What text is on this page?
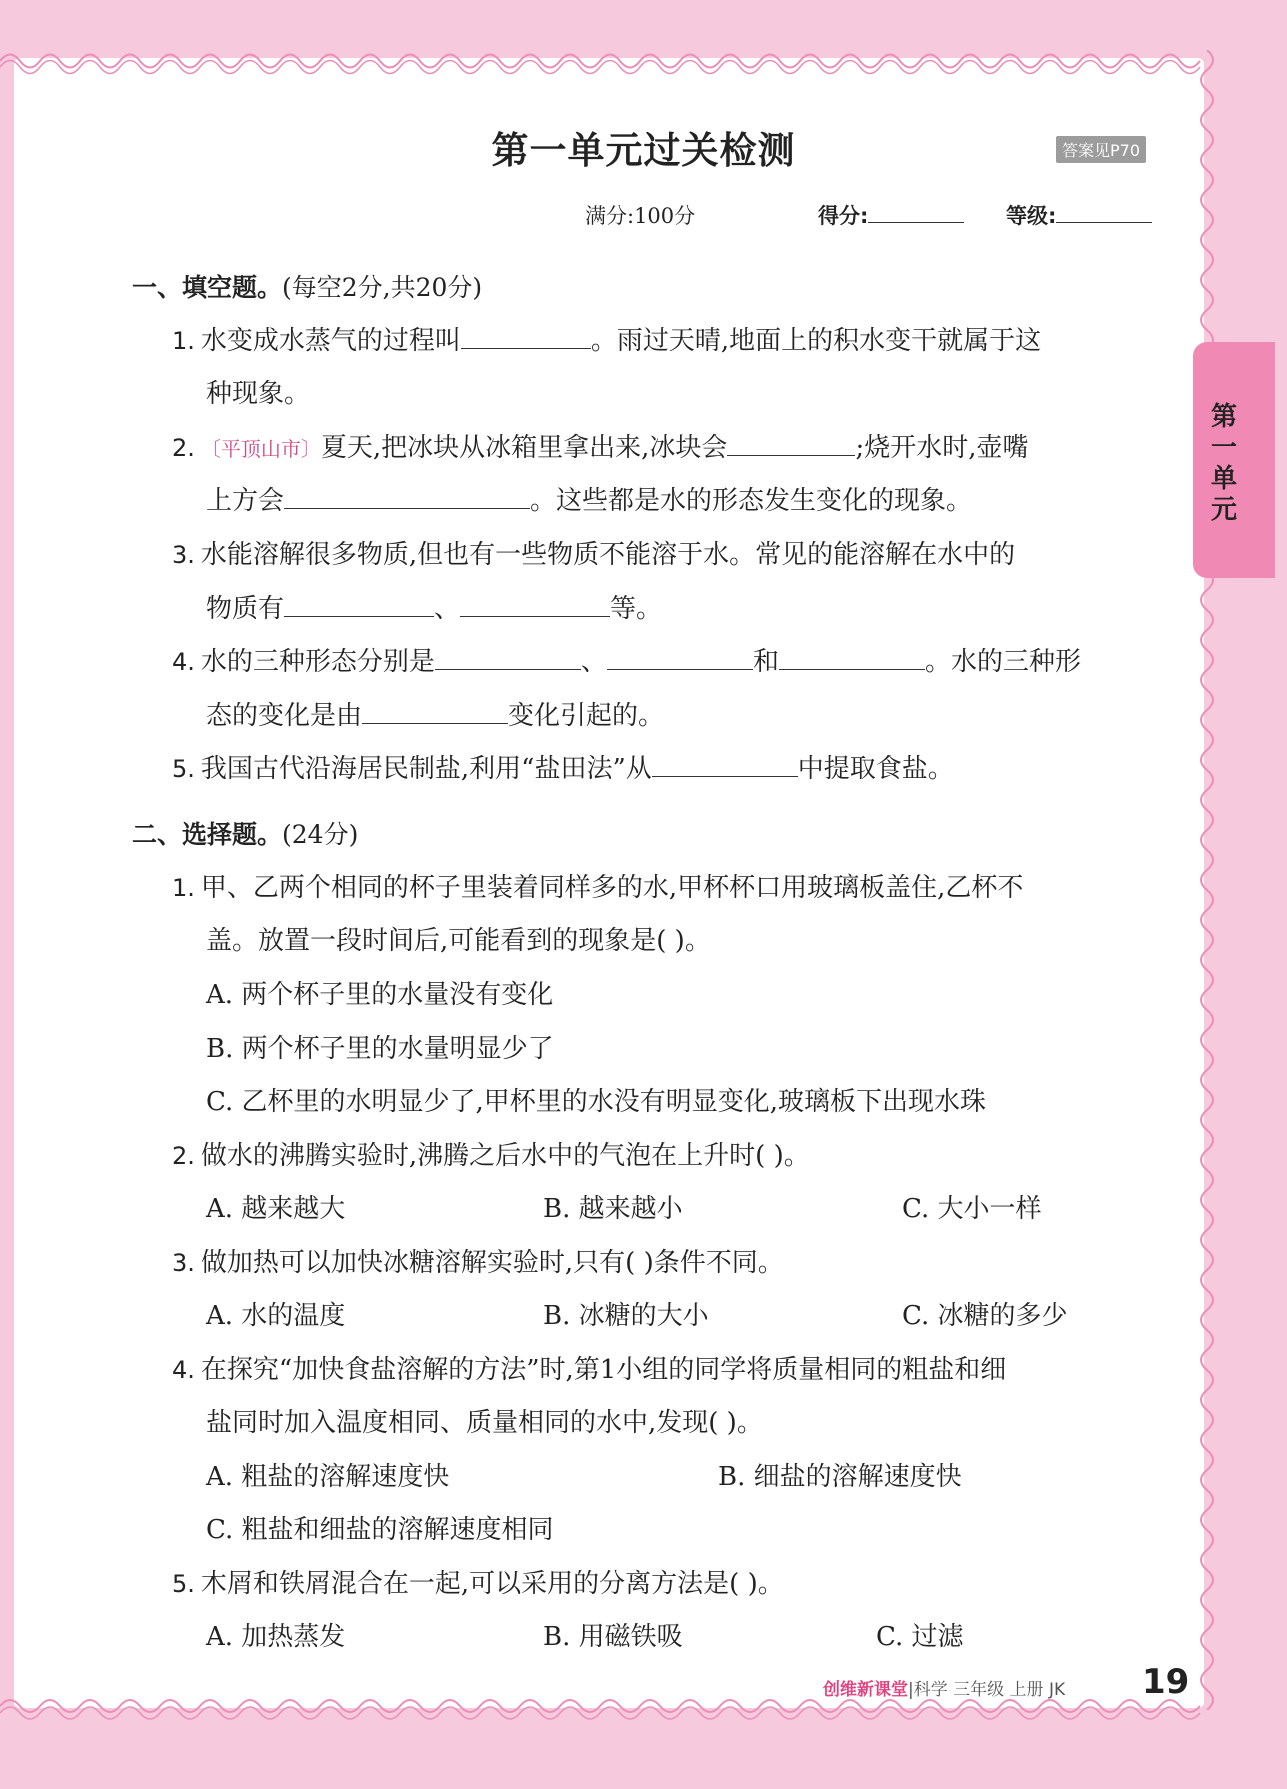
第一单元过关检测	答案见P70
满分:100分	得分:	等级:
第一单元
一、填空题。(每空2分,共20分)
1. 水变成水蒸气的过程叫	。雨过天晴,地面上的积水变干就属于这
种现象。
2. 〔平顶山市〕夏天,把冰块从冰箱里拿出来,冰块会	;烧开水时,壶嘴
上方会	。这些都是水的形态发生变化的现象。
3. 水能溶解很多物质,但也有一些物质不能溶于水。常见的能溶解在水中的
物质有	、	等。
4. 水的三种形态分别是	、	和	。水的三种形
态的变化是由	变化引起的。
5. 我国古代沿海居民制盐,利用“盐田法”从	中提取食盐。
二、选择题。(24分)
1. 甲、乙两个相同的杯子里装着同样多的水,甲杯杯口用玻璃板盖住,乙杯不
盖。放置一段时间后,可能看到的现象是( )。
A. 两个杯子里的水量没有变化
B. 两个杯子里的水量明显少了
C. 乙杯里的水明显少了,甲杯里的水没有明显变化,玻璃板下出现水珠
2. 做水的沸腾实验时,沸腾之后水中的气泡在上升时( )。
A. 越来越大	B. 越来越小	C. 大小一样
3. 做加热可以加快冰糖溶解实验时,只有( )条件不同。
A. 水的温度	B. 冰糖的大小	C. 冰糖的多少
4. 在探究“加快食盐溶解的方法”时,第1小组的同学将质量相同的粗盐和细
盐同时加入温度相同、质量相同的水中,发现( )。
A. 粗盐的溶解速度快	B. 细盐的溶解速度快
C. 粗盐和细盐的溶解速度相同
5. 木屑和铁屑混合在一起,可以采用的分离方法是( )。
A. 加热蒸发	B. 用磁铁吸	C. 过滤
创维新课堂|科学 三年级 上册 JK 19
